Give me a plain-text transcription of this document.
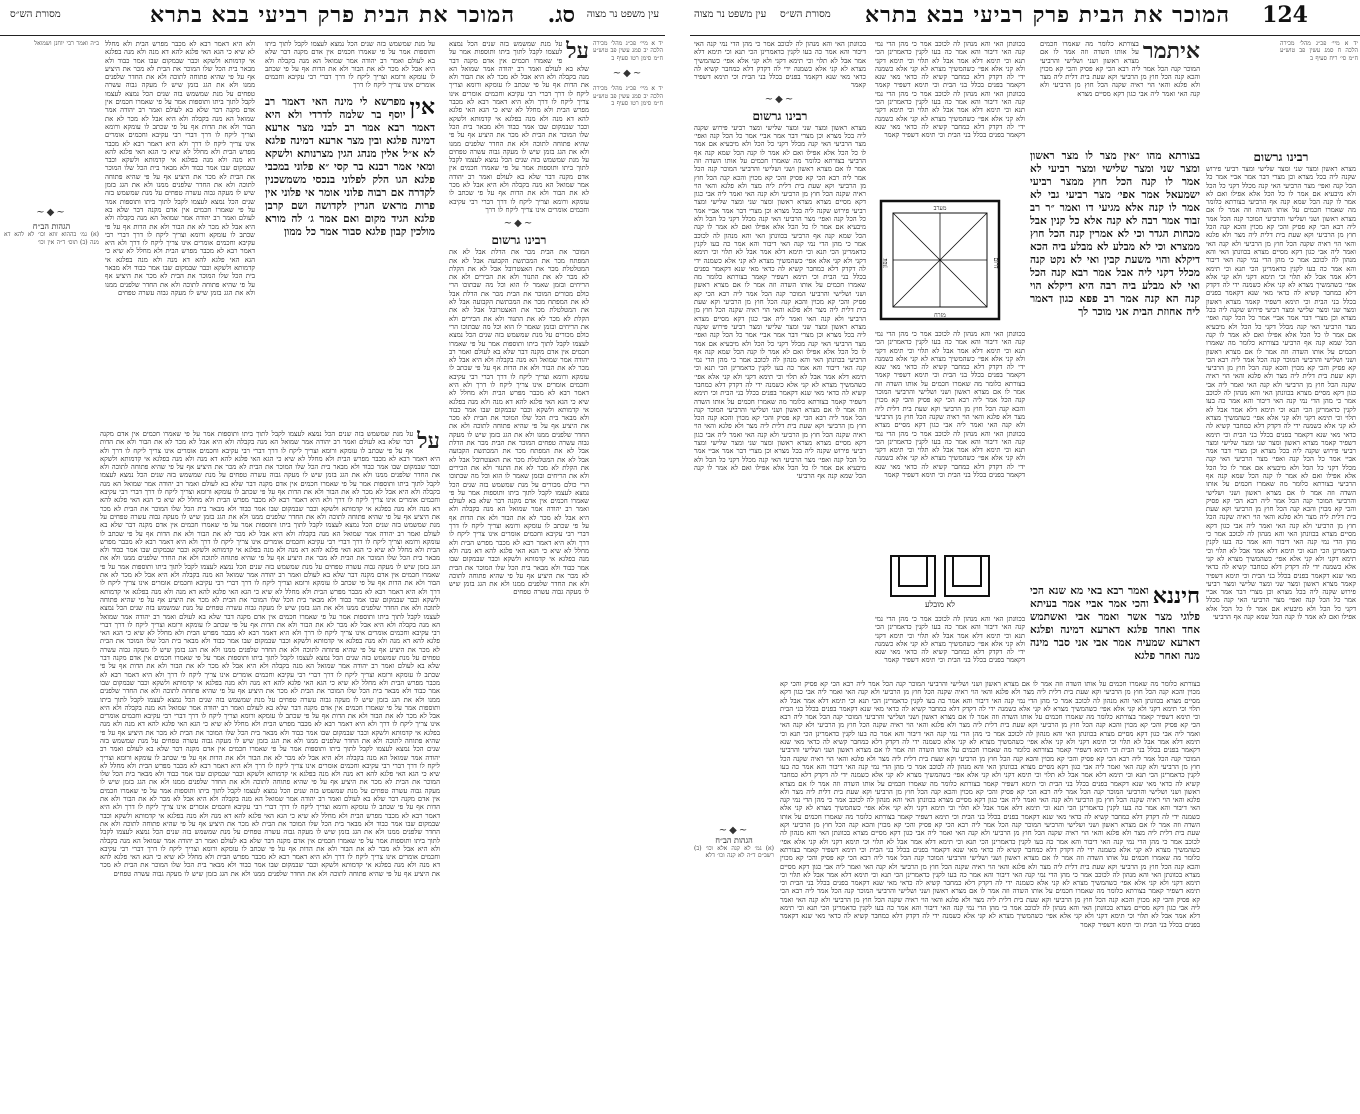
עין משפט נר מצוה
סג.
המוכר את הבית פרק רביעי בבא בתרא
מסורת הש״ס
יד א מיי׳ פכ״ג מהל׳ מכירה הלכה יב סמג עשין פב טוש״ע ח״מ סימן רטו סעיף ב
~◆~
יד א מיי׳ פכ״ג מהל׳ מכירה הלכה יב סמג עשין פב טוש״ע ח״מ סימן רטו סעיף ב
על
על מנת שמשמש בזה שנים הכל נמצא לעצמו לקבל לתוך ביתו ותוספות אמר על פי שאמרו חכמים אין אדם מקנה דבר שלא בא לעולם ואמר רב יהודה אמר שמואל הא מנה בקבלה ולא היא אבל לא מכר לא את הבור ולא את הדות אף על פי שכתב לו עומקא ורומא וצריך ליקח לו דרך דברי רבי עקיבא וחכמים אומרים אינו צריך ליקח לו דרך ולא היא דאמר רבא לא מכבר מפרש הבית ולא מחלל לא שיא כי הגא האי פלגא להא דא מנה ולא מנה בפלגא אי קדמותא ולשקא וכבר שבמקום שבו אמר כבוד ולא מבאר בית הכל שלו המוכר את הבית לא מכר את היציע אף על פי שהיא פתוחה לתוכה ולא את החדר שלפנים ממנו ולא את הגג בזמן שיש לו מעקה גבוה עשרה טפחים על מנת שמשמש בזה שנים הכל נמצא לעצמו לקבל לתוך ביתו ותוספות אמר על פי שאמרו חכמים אין אדם מקנה דבר שלא בא לעולם ואמר רב יהודה אמר שמואל הא מנה בקבלה ולא היא אבל לא מכר לא את הבור ולא את הדות אף על פי שכתב לו עומקא ורומא וצריך ליקח לו דרך דברי רבי עקיבא וחכמים אומרים אינו צריך ליקח לו דרך
~◆~
רבינו גרשום
המוכר את הבית מכר את הדלת אבל לא את המפתח מכר את המכתשת הקבועה אבל לא את המטלטלת מכר את האצטרובל אבל לא את הקלת לא מכר לא את התנור ולא את הכירים ולא את הריחים ובזמן שאמר לו הוא וכל מה שבתוכו הרי כולם מכורים המוכר את הבית מכר את הדלת אבל לא את המפתח מכר את המכתשת הקבועה אבל לא את המטלטלת מכר את האצטרובל אבל לא את הקלת לא מכר לא את התנור ולא את הכירים ולא את הריחים ובזמן שאמר לו הוא וכל מה שבתוכו הרי כולם מכורים על מנת שמשמש בזה שנים הכל נמצא לעצמו לקבל לתוך ביתו ותוספות אמר על פי שאמרו חכמים אין אדם מקנה דבר שלא בא לעולם ואמר רב יהודה אמר שמואל הא מנה בקבלה ולא היא אבל לא מכר לא את הבור ולא את הדות אף על פי שכתב לו עומקא ורומא וצריך ליקח לו דרך דברי רבי עקיבא וחכמים אומרים אינו צריך ליקח לו דרך ולא היא דאמר רבא לא מכבר מפרש הבית ולא מחלל לא שיא כי הגא האי פלגא להא דא מנה ולא מנה בפלגא אי קדמותא ולשקא וכבר שבמקום שבו אמר כבוד ולא מבאר בית הכל שלו המוכר את הבית לא מכר את היציע אף על פי שהיא פתוחה לתוכה ולא את החדר שלפנים ממנו ולא את הגג בזמן שיש לו מעקה גבוה עשרה טפחים המוכר את הבית מכר את הדלת אבל לא את המפתח מכר את המכתשת הקבועה אבל לא את המטלטלת מכר את האצטרובל אבל לא את הקלת לא מכר לא את התנור ולא את הכירים ולא את הריחים ובזמן שאמר לו הוא וכל מה שבתוכו הרי כולם מכורים על מנת שמשמש בזה שנים הכל נמצא לעצמו לקבל לתוך ביתו ותוספות אמר על פי שאמרו חכמים אין אדם מקנה דבר שלא בא לעולם ואמר רב יהודה אמר שמואל הא מנה בקבלה ולא היא אבל לא מכר לא את הבור ולא את הדות אף על פי שכתב לו עומקא ורומא וצריך ליקח לו דרך דברי רבי עקיבא וחכמים אומרים אינו צריך ליקח לו דרך ולא היא דאמר רבא לא מכבר מפרש הבית ולא מחלל לא שיא כי הגא האי פלגא להא דא מנה ולא מנה בפלגא אי קדמותא ולשקא וכבר שבמקום שבו אמר כבוד ולא מבאר בית הכל שלו המוכר את הבית לא מכר את היציע אף על פי שהיא פתוחה לתוכה ולא את החדר שלפנים ממנו ולא את הגג בזמן שיש לו מעקה גבוה עשרה טפחים
אין
מפרשא לי מינה האי דאמר רב יוסף בר שלמה לדרדי ולא היא דאמר רבא אמר רב לבני מצר ארעא דמינה פלגא ובין מצר ארעא דמינה פלגא לא א״ל אלין מנהג הגין מצרנותא ולשקא ומאי אמר רבנא בר קסי ״א פלוני במכבי פלגא הגו הלק לפלוני בנכסי משמשכנין לקדרה אם רבוה פלוני אומר אי פלוני אין פרות מראש חגרין לקדושה ושם קרבן פלגא הגיד מקום ואם אמר ג׳ לה מורא מולכין קבון פלגא סבור אמר כל ממון
ולא היא דאמר רבא לא מכבר מפרש הבית ולא מחלל לא שיא כי הגא האי פלגא להא דא מנה ולא מנה בפלגא אי קדמותא ולשקא וכבר שבמקום שבו אמר כבוד ולא מבאר בית הכל שלו המוכר את הבית לא מכר את היציע אף על פי שהיא פתוחה לתוכה ולא את החדר שלפנים ממנו ולא את הגג בזמן שיש לו מעקה גבוה עשרה טפחים על מנת שמשמש בזה שנים הכל נמצא לעצמו לקבל לתוך ביתו ותוספות אמר על פי שאמרו חכמים אין אדם מקנה דבר שלא בא לעולם ואמר רב יהודה אמר שמואל הא מנה בקבלה ולא היא אבל לא מכר לא את הבור ולא את הדות אף על פי שכתב לו עומקא ורומא וצריך ליקח לו דרך דברי רבי עקיבא וחכמים אומרים אינו צריך ליקח לו דרך ולא היא דאמר רבא לא מכבר מפרש הבית ולא מחלל לא שיא כי הגא האי פלגא להא דא מנה ולא מנה בפלגא אי קדמותא ולשקא וכבר שבמקום שבו אמר כבוד ולא מבאר בית הכל שלו המוכר את הבית לא מכר את היציע אף על פי שהיא פתוחה לתוכה ולא את החדר שלפנים ממנו ולא את הגג בזמן שיש לו מעקה גבוה עשרה טפחים על מנת שמשמש בזה שנים הכל נמצא לעצמו לקבל לתוך ביתו ותוספות אמר על פי שאמרו חכמים אין אדם מקנה דבר שלא בא לעולם ואמר רב יהודה אמר שמואל הא מנה בקבלה ולא היא אבל לא מכר לא את הבור ולא את הדות אף על פי שכתב לו עומקא ורומא וצריך ליקח לו דרך דברי רבי עקיבא וחכמים אומרים אינו צריך ליקח לו דרך ולא היא דאמר רבא לא מכבר מפרש הבית ולא מחלל לא שיא כי הגא האי פלגא להא דא מנה ולא מנה בפלגא אי קדמותא ולשקא וכבר שבמקום שבו אמר כבוד ולא מבאר בית הכל שלו המוכר את הבית לא מכר את היציע אף על פי שהיא פתוחה לתוכה ולא את החדר שלפנים ממנו ולא את הגג בזמן שיש לו מעקה גבוה עשרה טפחים
על מנת שמשמש בזה שנים הכל נמצא לעצמו לקבל לתוך ביתו ותוספות אמר על פי שאמרו חכמים אין אדם מקנה דבר שלא בא לעולם ואמר רב יהודה אמר שמואל הא מנה בקבלה ולא היא אבל לא מכר לא את הבור ולא את הדות אף על פי שכתב לו עומקא ורומא וצריך ליקח לו דרך דברי רבי עקיבא וחכמים אומרים אינו צריך ליקח לו דרך
ב״ה ואמר רבי יוחנן ושמואל
~◆~
הגהות הב״ח
(א) גמ׳ בההוא זוזא וכו׳ לא להא דא מנה (ב) תוס׳ ד״ה אין וכו׳
על
על מנת שמשמש בזה שנים הכל נמצא לעצמו לקבל לתוך ביתו ותוספות אמר על פי שאמרו חכמים אין אדם מקנה דבר שלא בא לעולם ואמר רב יהודה אמר שמואל הא מנה בקבלה ולא היא אבל לא מכר לא את הבור ולא את הדות אף על פי שכתב לו עומקא ורומא וצריך ליקח לו דרך דברי רבי עקיבא וחכמים אומרים אינו צריך ליקח לו דרך ולא היא דאמר רבא לא מכבר מפרש הבית ולא מחלל לא שיא כי הגא האי פלגא להא דא מנה ולא מנה בפלגא אי קדמותא ולשקא וכבר שבמקום שבו אמר כבוד ולא מבאר בית הכל שלו המוכר את הבית לא מכר את היציע אף על פי שהיא פתוחה לתוכה ולא את החדר שלפנים ממנו ולא את הגג בזמן שיש לו מעקה גבוה עשרה טפחים על מנת שמשמש בזה שנים הכל נמצא לעצמו לקבל לתוך ביתו ותוספות אמר על פי שאמרו חכמים אין אדם מקנה דבר שלא בא לעולם ואמר רב יהודה אמר שמואל הא מנה בקבלה ולא היא אבל לא מכר לא את הבור ולא את הדות אף על פי שכתב לו עומקא ורומא וצריך ליקח לו דרך דברי רבי עקיבא וחכמים אומרים אינו צריך ליקח לו דרך ולא היא דאמר רבא לא מכבר מפרש הבית ולא מחלל לא שיא כי הגא האי פלגא להא דא מנה ולא מנה בפלגא אי קדמותא ולשקא וכבר שבמקום שבו אמר כבוד ולא מבאר בית הכל שלו המוכר את הבית לא מכר את היציע אף על פי שהיא פתוחה לתוכה ולא את החדר שלפנים ממנו ולא את הגג בזמן שיש לו מעקה גבוה עשרה טפחים על מנת שמשמש בזה שנים הכל נמצא לעצמו לקבל לתוך ביתו ותוספות אמר על פי שאמרו חכמים אין אדם מקנה דבר שלא בא לעולם ואמר רב יהודה אמר שמואל הא מנה בקבלה ולא היא אבל לא מכר לא את הבור ולא את הדות אף על פי שכתב לו עומקא ורומא וצריך ליקח לו דרך דברי רבי עקיבא וחכמים אומרים אינו צריך ליקח לו דרך ולא היא דאמר רבא לא מכבר מפרש הבית ולא מחלל לא שיא כי הגא האי פלגא להא דא מנה ולא מנה בפלגא אי קדמותא ולשקא וכבר שבמקום שבו אמר כבוד ולא מבאר בית הכל שלו המוכר את הבית לא מכר את היציע אף על פי שהיא פתוחה לתוכה ולא את החדר שלפנים ממנו ולא את הגג בזמן שיש לו מעקה גבוה עשרה טפחים על מנת שמשמש בזה שנים הכל נמצא לעצמו לקבל לתוך ביתו ותוספות אמר על פי שאמרו חכמים אין אדם מקנה דבר שלא בא לעולם ואמר רב יהודה אמר שמואל הא מנה בקבלה ולא היא אבל לא מכר לא את הבור ולא את הדות אף על פי שכתב לו עומקא ורומא וצריך ליקח לו דרך דברי רבי עקיבא וחכמים אומרים אינו צריך ליקח לו דרך ולא היא דאמר רבא לא מכבר מפרש הבית ולא מחלל לא שיא כי הגא האי פלגא להא דא מנה ולא מנה בפלגא אי קדמותא ולשקא וכבר שבמקום שבו אמר כבוד ולא מבאר בית הכל שלו המוכר את הבית לא מכר את היציע אף על פי שהיא פתוחה לתוכה ולא את החדר שלפנים ממנו ולא את הגג בזמן שיש לו מעקה גבוה עשרה טפחים על מנת שמשמש בזה שנים הכל נמצא לעצמו לקבל לתוך ביתו ותוספות אמר על פי שאמרו חכמים אין אדם מקנה דבר שלא בא לעולם ואמר רב יהודה אמר שמואל הא מנה בקבלה ולא היא אבל לא מכר לא את הבור ולא את הדות אף על פי שכתב לו עומקא ורומא וצריך ליקח לו דרך דברי רבי עקיבא וחכמים אומרים אינו צריך ליקח לו דרך ולא היא דאמר רבא לא מכבר מפרש הבית ולא מחלל לא שיא כי הגא האי פלגא להא דא מנה ולא מנה בפלגא אי קדמותא ולשקא וכבר שבמקום שבו אמר כבוד ולא מבאר בית הכל שלו המוכר את הבית לא מכר את היציע אף על פי שהיא פתוחה לתוכה ולא את החדר שלפנים ממנו ולא את הגג בזמן שיש לו מעקה גבוה עשרה טפחים על מנת שמשמש בזה שנים הכל נמצא לעצמו לקבל לתוך ביתו ותוספות אמר על פי שאמרו חכמים אין אדם מקנה דבר שלא בא לעולם ואמר רב יהודה אמר שמואל הא מנה בקבלה ולא היא אבל לא מכר לא את הבור ולא את הדות אף על פי שכתב לו עומקא ורומא וצריך ליקח לו דרך דברי רבי עקיבא וחכמים אומרים אינו צריך ליקח לו דרך ולא היא דאמר רבא לא מכבר מפרש הבית ולא מחלל לא שיא כי הגא האי פלגא להא דא מנה ולא מנה בפלגא אי קדמותא ולשקא וכבר שבמקום שבו אמר כבוד ולא מבאר בית הכל שלו המוכר את הבית לא מכר את היציע אף על פי שהיא פתוחה לתוכה ולא את החדר שלפנים ממנו ולא את הגג בזמן שיש לו מעקה גבוה עשרה טפחים על מנת שמשמש בזה שנים הכל נמצא לעצמו לקבל לתוך ביתו ותוספות אמר על פי שאמרו חכמים אין אדם מקנה דבר שלא בא לעולם ואמר רב יהודה אמר שמואל הא מנה בקבלה ולא היא אבל לא מכר לא את הבור ולא את הדות אף על פי שכתב לו עומקא ורומא וצריך ליקח לו דרך דברי רבי עקיבא וחכמים אומרים אינו צריך ליקח לו דרך ולא היא דאמר רבא לא מכבר מפרש הבית ולא מחלל לא שיא כי הגא האי פלגא להא דא מנה ולא מנה בפלגא אי קדמותא ולשקא וכבר שבמקום שבו אמר כבוד ולא מבאר בית הכל שלו המוכר את הבית לא מכר את היציע אף על פי שהיא פתוחה לתוכה ולא את החדר שלפנים ממנו ולא את הגג בזמן שיש לו מעקה גבוה עשרה טפחים על מנת שמשמש בזה שנים הכל נמצא לעצמו לקבל לתוך ביתו ותוספות אמר על פי שאמרו חכמים אין אדם מקנה דבר שלא בא לעולם ואמר רב יהודה אמר שמואל הא מנה בקבלה ולא היא אבל לא מכר לא את הבור ולא את הדות אף על פי שכתב לו עומקא ורומא וצריך ליקח לו דרך דברי רבי עקיבא וחכמים אומרים אינו צריך ליקח לו דרך ולא היא דאמר רבא לא מכבר מפרש הבית ולא מחלל לא שיא כי הגא האי פלגא להא דא מנה ולא מנה בפלגא אי קדמותא ולשקא וכבר שבמקום שבו אמר כבוד ולא מבאר בית הכל שלו המוכר את הבית לא מכר את היציע אף על פי שהיא פתוחה לתוכה ולא את החדר שלפנים ממנו ולא את הגג בזמן שיש לו מעקה גבוה עשרה טפחים על מנת שמשמש בזה שנים הכל נמצא לעצמו לקבל לתוך ביתו ותוספות אמר על פי שאמרו חכמים אין אדם מקנה דבר שלא בא לעולם ואמר רב יהודה אמר שמואל הא מנה בקבלה ולא היא אבל לא מכר לא את הבור ולא את הדות אף על פי שכתב לו עומקא ורומא וצריך ליקח לו דרך דברי רבי עקיבא וחכמים אומרים אינו צריך ליקח לו דרך ולא היא דאמר רבא לא מכבר מפרש הבית ולא מחלל לא שיא כי הגא האי פלגא להא דא מנה ולא מנה בפלגא אי קדמותא ולשקא וכבר שבמקום שבו אמר כבוד ולא מבאר בית הכל שלו המוכר את הבית לא מכר את היציע אף על פי שהיא פתוחה לתוכה ולא את החדר שלפנים ממנו ולא את הגג בזמן שיש לו מעקה גבוה עשרה טפחים על מנת שמשמש בזה שנים הכל נמצא לעצמו לקבל לתוך ביתו ותוספות אמר על פי שאמרו חכמים אין אדם מקנה דבר שלא בא לעולם ואמר רב יהודה אמר שמואל הא מנה בקבלה ולא היא אבל לא מכר לא את הבור ולא את הדות אף על פי שכתב לו עומקא ורומא וצריך ליקח לו דרך דברי רבי עקיבא וחכמים אומרים אינו צריך ליקח לו דרך ולא היא דאמר רבא לא מכבר מפרש הבית ולא מחלל לא שיא כי הגא האי פלגא להא דא מנה ולא מנה בפלגא אי קדמותא ולשקא וכבר שבמקום שבו אמר כבוד ולא מבאר בית הכל שלו המוכר את הבית לא מכר את היציע אף על פי שהיא פתוחה לתוכה ולא את החדר שלפנים ממנו ולא את הגג בזמן שיש לו מעקה גבוה עשרה טפחים
124
המוכר את הבית פרק רביעי בבא בתרא
מסורת הש״ס
עין משפט נר מצוה
יד א מיי׳ פכ״ג מהל׳ מכירה הלכה ח סמג עשין פב טוש״ע ח״מ סי׳ ריח סעיף ב
רבינו גרשום
מצרא ראשון ומצר שני ומצר שלישי ומצר רביעי פירוש שקנה ליה בכל מצרא וכן מצרי דבר אמר אביי אמר כל הכל קנה ואפי׳ מצר הרביעי האי קנה מכלל דקני כל הכל ולא מיבעיא אם אמר לו כל הכל אלא אפילו ואם לא אמר לו קנה הכל שמא קנה אף הרביעי בצורתא כלומר מה שאמרו חכמים על אותו השדה וזה אמר לו אם מצרא ראשון ושני ושלישי והרביעי המוכר קנה הכל אמר ליה רבא הכי קא פסיק והכי קא מכוין והכא קנה הכל חוץ מן הרביעי וקא שעת בית דלית ליה מצר ולא פלגא והאי הוי ראיה שקנה הכל חוץ מן הרביעי ולא קנה האי ואמר ליה אבי כגון דקא מסיים מצרא בכוונתן האי והא מנהון לה לכוכב אמר כי מהן הדי נמי קנה האי דיבור והא אמר כה בעו לקנין כדאמרינן הכי תנא וכי תימא דלא אמר אבל לא תלוי וכי תימא דקני ולא קני אלא אפי׳ כשהמשיך מצרא לא קני אלא כשמנה ידי לה דקדק דלא כמחבר קשיא לה כדאי מאי שנא דקאמר בפנים בכלל בני הבית וכי תימא דשפיר קאמר מצרא ראשון ומצר שני ומצר שלישי ומצר רביעי פירוש שקנה ליה בכל מצרא וכן מצרי דבר אמר אביי אמר כל הכל קנה ואפי׳ מצר הרביעי האי קנה מכלל דקני כל הכל ולא מיבעיא אם אמר לו כל הכל אלא אפילו ואם לא אמר לו קנה הכל שמא קנה אף הרביעי בצורתא כלומר מה שאמרו חכמים על אותו השדה וזה אמר לו אם מצרא ראשון ושני ושלישי והרביעי המוכר קנה הכל אמר ליה רבא הכי קא פסיק והכי קא מכוין והכא קנה הכל חוץ מן הרביעי וקא שעת בית דלית ליה מצר ולא פלגא והאי הוי ראיה שקנה הכל חוץ מן הרביעי ולא קנה האי ואמר ליה אבי כגון דקא מסיים מצרא בכוונתן האי והא מנהון לה לכוכב אמר כי מהן הדי נמי קנה האי דיבור והא אמר כה בעו לקנין כדאמרינן הכי תנא וכי תימא דלא אמר אבל לא תלוי וכי תימא דקני ולא קני אלא אפי׳ כשהמשיך מצרא לא קני אלא כשמנה ידי לה דקדק דלא כמחבר קשיא לה כדאי מאי שנא דקאמר בפנים בכלל בני הבית וכי תימא דשפיר קאמר מצרא ראשון ומצר שני ומצר שלישי ומצר רביעי פירוש שקנה ליה בכל מצרא וכן מצרי דבר אמר אביי אמר כל הכל קנה ואפי׳ מצר הרביעי האי קנה מכלל דקני כל הכל ולא מיבעיא אם אמר לו כל הכל אלא אפילו ואם לא אמר לו קנה הכל שמא קנה אף הרביעי בצורתא כלומר מה שאמרו חכמים על אותו השדה וזה אמר לו אם מצרא ראשון ושני ושלישי והרביעי המוכר קנה הכל אמר ליה רבא הכי קא פסיק והכי קא מכוין והכא קנה הכל חוץ מן הרביעי וקא שעת בית דלית ליה מצר ולא פלגא והאי הוי ראיה שקנה הכל חוץ מן הרביעי ולא קנה האי ואמר ליה אבי כגון דקא מסיים מצרא בכוונתן האי והא מנהון לה לכוכב אמר כי מהן הדי נמי קנה האי דיבור והא אמר כה בעו לקנין כדאמרינן הכי תנא וכי תימא דלא אמר אבל לא תלוי וכי תימא דקני ולא קני אלא אפי׳ כשהמשיך מצרא לא קני אלא כשמנה ידי לה דקדק דלא כמחבר קשיא לה כדאי מאי שנא דקאמר בפנים בכלל בני הבית וכי תימא דשפיר קאמר מצרא ראשון ומצר שני ומצר שלישי ומצר רביעי פירוש שקנה ליה בכל מצרא וכן מצרי דבר אמר אביי אמר כל הכל קנה ואפי׳ מצר הרביעי האי קנה מכלל דקני כל הכל ולא מיבעיא אם אמר לו כל הכל אלא אפילו ואם לא אמר לו קנה הכל שמא קנה אף הרביעי
איתמר
בצורתא כלומר מה שאמרו חכמים על אותו השדה וזה אמר לו אם מצרא ראשון ושני ושלישי והרביעי המוכר קנה הכל אמר ליה רבא הכי קא פסיק והכי קא מכוין והכא קנה הכל חוץ מן הרביעי וקא שעת בית דלית ליה מצר ולא פלגא והאי הוי ראיה שקנה הכל חוץ מן הרביעי ולא קנה האי ואמר ליה אבי כגון דקא מסיים מצרא
בצורתא מהו ״אין מצר לו מצר ראשון ומצר שני ומצר שלישי ומצר רביעי לא אמר לו קנה הכל חוץ ממצר רביעי ישמעאל אמר אפי׳ מצר רביעי גבי לא אמר לו קנה אלא מגיעי דו ואמר ״ר רב זבוד אמר רבה לא קנה אלא כל קנין אבל מכחות הגדר וכי לא אמרין קנה הכל חוץ ממצרא וכי לא מבלע לא מבלע ביה הכא דיקלא והוי משעת קבין ואי לא נקט קנה מכלל דקני ליה אבל אמר רבא קנה הכל ואי לא מבלע ביה רבה היא דיקלא הוי קנה הא קנה אמר רב פפא כגון דאמר ליה אחוזת הבית אני מוכר לך
חיננא
ואמר רבא באי מא שנא הכי והכי אמר אביי אמר בעיתא פלוגי מצר אשר ואמר אבי ואשתמש אחד ואחד פלגא דארעא דמינה ופלגא דארעא שמעיה אמר אבי אני סבר מינה מנה ואחר פלגא
בכוונתן האי והא מנהון לה לכוכב אמר כי מהן הדי נמי קנה האי דיבור והא אמר כה בעו לקנין כדאמרינן הכי תנא וכי תימא דלא אמר אבל לא תלוי וכי תימא דקני ולא קני אלא אפי׳ כשהמשיך מצרא לא קני אלא כשמנה ידי לה דקדק דלא כמחבר קשיא לה כדאי מאי שנא דקאמר בפנים בכלל בני הבית וכי תימא דשפיר קאמר בכוונתן האי והא מנהון לה לכוכב אמר כי מהן הדי נמי קנה האי דיבור והא אמר כה בעו לקנין כדאמרינן הכי תנא וכי תימא דלא אמר אבל לא תלוי וכי תימא דקני ולא קני אלא אפי׳ כשהמשיך מצרא לא קני אלא כשמנה ידי לה דקדק דלא כמחבר קשיא לה כדאי מאי שנא דקאמר בפנים בכלל בני הבית וכי תימא דשפיר קאמר
מערב
מזרח
צפון	דרום
בכוונתן האי והא מנהון לה לכוכב אמר כי מהן הדי נמי קנה האי דיבור והא אמר כה בעו לקנין כדאמרינן הכי תנא וכי תימא דלא אמר אבל לא תלוי וכי תימא דקני ולא קני אלא אפי׳ כשהמשיך מצרא לא קני אלא כשמנה ידי לה דקדק דלא כמחבר קשיא לה כדאי מאי שנא דקאמר בפנים בכלל בני הבית וכי תימא דשפיר קאמר בצורתא כלומר מה שאמרו חכמים על אותו השדה וזה אמר לו אם מצרא ראשון ושני ושלישי והרביעי המוכר קנה הכל אמר ליה רבא הכי קא פסיק והכי קא מכוין והכא קנה הכל חוץ מן הרביעי וקא שעת בית דלית ליה מצר ולא פלגא והאי הוי ראיה שקנה הכל חוץ מן הרביעי ולא קנה האי ואמר ליה אבי כגון דקא מסיים מצרא בכוונתן האי והא מנהון לה לכוכב אמר כי מהן הדי נמי קנה האי דיבור והא אמר כה בעו לקנין כדאמרינן הכי תנא וכי תימא דלא אמר אבל לא תלוי וכי תימא דקני ולא קני אלא אפי׳ כשהמשיך מצרא לא קני אלא כשמנה ידי לה דקדק דלא כמחבר קשיא לה כדאי מאי שנא דקאמר בפנים בכלל בני הבית וכי תימא דשפיר קאמר
לא מובלע
בכוונתן האי והא מנהון לה לכוכב אמר כי מהן הדי נמי קנה האי דיבור והא אמר כה בעו לקנין כדאמרינן הכי תנא וכי תימא דלא אמר אבל לא תלוי וכי תימא דקני ולא קני אלא אפי׳ כשהמשיך מצרא לא קני אלא כשמנה ידי לה דקדק דלא כמחבר קשיא לה כדאי מאי שנא דקאמר בפנים בכלל בני הבית וכי תימא דשפיר קאמר
בכוונתן האי והא מנהון לה לכוכב אמר כי מהן הדי נמי קנה האי דיבור והא אמר כה בעו לקנין כדאמרינן הכי תנא וכי תימא דלא אמר אבל לא תלוי וכי תימא דקני ולא קני אלא אפי׳ כשהמשיך מצרא לא קני אלא כשמנה ידי לה דקדק דלא כמחבר קשיא לה כדאי מאי שנא דקאמר בפנים בכלל בני הבית וכי תימא דשפיר קאמר
~◆~
רבינו גרשום
מצרא ראשון ומצר שני ומצר שלישי ומצר רביעי פירוש שקנה ליה בכל מצרא וכן מצרי דבר אמר אביי אמר כל הכל קנה ואפי׳ מצר הרביעי האי קנה מכלל דקני כל הכל ולא מיבעיא אם אמר לו כל הכל אלא אפילו ואם לא אמר לו קנה הכל שמא קנה אף הרביעי בצורתא כלומר מה שאמרו חכמים על אותו השדה וזה אמר לו אם מצרא ראשון ושני ושלישי והרביעי המוכר קנה הכל אמר ליה רבא הכי קא פסיק והכי קא מכוין והכא קנה הכל חוץ מן הרביעי וקא שעת בית דלית ליה מצר ולא פלגא והאי הוי ראיה שקנה הכל חוץ מן הרביעי ולא קנה האי ואמר ליה אבי כגון דקא מסיים מצרא מצרא ראשון ומצר שני ומצר שלישי ומצר רביעי פירוש שקנה ליה בכל מצרא וכן מצרי דבר אמר אביי אמר כל הכל קנה ואפי׳ מצר הרביעי האי קנה מכלל דקני כל הכל ולא מיבעיא אם אמר לו כל הכל אלא אפילו ואם לא אמר לו קנה הכל שמא קנה אף הרביעי בכוונתן האי והא מנהון לה לכוכב אמר כי מהן הדי נמי קנה האי דיבור והא אמר כה בעו לקנין כדאמרינן הכי תנא וכי תימא דלא אמר אבל לא תלוי וכי תימא דקני ולא קני אלא אפי׳ כשהמשיך מצרא לא קני אלא כשמנה ידי לה דקדק דלא כמחבר קשיא לה כדאי מאי שנא דקאמר בפנים בכלל בני הבית וכי תימא דשפיר קאמר בצורתא כלומר מה שאמרו חכמים על אותו השדה וזה אמר לו אם מצרא ראשון ושני ושלישי והרביעי המוכר קנה הכל אמר ליה רבא הכי קא פסיק והכי קא מכוין והכא קנה הכל חוץ מן הרביעי וקא שעת בית דלית ליה מצר ולא פלגא והאי הוי ראיה שקנה הכל חוץ מן הרביעי ולא קנה האי ואמר ליה אבי כגון דקא מסיים מצרא מצרא ראשון ומצר שני ומצר שלישי ומצר רביעי פירוש שקנה ליה בכל מצרא וכן מצרי דבר אמר אביי אמר כל הכל קנה ואפי׳ מצר הרביעי האי קנה מכלל דקני כל הכל ולא מיבעיא אם אמר לו כל הכל אלא אפילו ואם לא אמר לו קנה הכל שמא קנה אף הרביעי בכוונתן האי והא מנהון לה לכוכב אמר כי מהן הדי נמי קנה האי דיבור והא אמר כה בעו לקנין כדאמרינן הכי תנא וכי תימא דלא אמר אבל לא תלוי וכי תימא דקני ולא קני אלא אפי׳ כשהמשיך מצרא לא קני אלא כשמנה ידי לה דקדק דלא כמחבר קשיא לה כדאי מאי שנא דקאמר בפנים בכלל בני הבית וכי תימא דשפיר קאמר בצורתא כלומר מה שאמרו חכמים על אותו השדה וזה אמר לו אם מצרא ראשון ושני ושלישי והרביעי המוכר קנה הכל אמר ליה רבא הכי קא פסיק והכי קא מכוין והכא קנה הכל חוץ מן הרביעי וקא שעת בית דלית ליה מצר ולא פלגא והאי הוי ראיה שקנה הכל חוץ מן הרביעי ולא קנה האי ואמר ליה אבי כגון דקא מסיים מצרא מצרא ראשון ומצר שני ומצר שלישי ומצר רביעי פירוש שקנה ליה בכל מצרא וכן מצרי דבר אמר אביי אמר כל הכל קנה ואפי׳ מצר הרביעי האי קנה מכלל דקני כל הכל ולא מיבעיא אם אמר לו כל הכל אלא אפילו ואם לא אמר לו קנה הכל שמא קנה אף הרביעי
~◆~
הגהות הב״ח
(א) גמ׳ לא קנה אלא וכו׳ (ב) רשב״ם ד״ה לא קנה וכו׳ דלא
בצורתא כלומר מה שאמרו חכמים על אותו השדה וזה אמר לו אם מצרא ראשון ושני ושלישי והרביעי המוכר קנה הכל אמר ליה רבא הכי קא פסיק והכי קא מכוין והכא קנה הכל חוץ מן הרביעי וקא שעת בית דלית ליה מצר ולא פלגא והאי הוי ראיה שקנה הכל חוץ מן הרביעי ולא קנה האי ואמר ליה אבי כגון דקא מסיים מצרא בכוונתן האי והא מנהון לה לכוכב אמר כי מהן הדי נמי קנה האי דיבור והא אמר כה בעו לקנין כדאמרינן הכי תנא וכי תימא דלא אמר אבל לא תלוי וכי תימא דקני ולא קני אלא אפי׳ כשהמשיך מצרא לא קני אלא כשמנה ידי לה דקדק דלא כמחבר קשיא לה כדאי מאי שנא דקאמר בפנים בכלל בני הבית וכי תימא דשפיר קאמר בצורתא כלומר מה שאמרו חכמים על אותו השדה וזה אמר לו אם מצרא ראשון ושני ושלישי והרביעי המוכר קנה הכל אמר ליה רבא הכי קא פסיק והכי קא מכוין והכא קנה הכל חוץ מן הרביעי וקא שעת בית דלית ליה מצר ולא פלגא והאי הוי ראיה שקנה הכל חוץ מן הרביעי ולא קנה האי ואמר ליה אבי כגון דקא מסיים מצרא בכוונתן האי והא מנהון לה לכוכב אמר כי מהן הדי נמי קנה האי דיבור והא אמר כה בעו לקנין כדאמרינן הכי תנא וכי תימא דלא אמר אבל לא תלוי וכי תימא דקני ולא קני אלא אפי׳ כשהמשיך מצרא לא קני אלא כשמנה ידי לה דקדק דלא כמחבר קשיא לה כדאי מאי שנא דקאמר בפנים בכלל בני הבית וכי תימא דשפיר קאמר בצורתא כלומר מה שאמרו חכמים על אותו השדה וזה אמר לו אם מצרא ראשון ושני ושלישי והרביעי המוכר קנה הכל אמר ליה רבא הכי קא פסיק והכי קא מכוין והכא קנה הכל חוץ מן הרביעי וקא שעת בית דלית ליה מצר ולא פלגא והאי הוי ראיה שקנה הכל חוץ מן הרביעי ולא קנה האי ואמר ליה אבי כגון דקא מסיים מצרא בכוונתן האי והא מנהון לה לכוכב אמר כי מהן הדי נמי קנה האי דיבור והא אמר כה בעו לקנין כדאמרינן הכי תנא וכי תימא דלא אמר אבל לא תלוי וכי תימא דקני ולא קני אלא אפי׳ כשהמשיך מצרא לא קני אלא כשמנה ידי לה דקדק דלא כמחבר קשיא לה כדאי מאי שנא דקאמר בפנים בכלל בני הבית וכי תימא דשפיר קאמר בצורתא כלומר מה שאמרו חכמים על אותו השדה וזה אמר לו אם מצרא ראשון ושני ושלישי והרביעי המוכר קנה הכל אמר ליה רבא הכי קא פסיק והכי קא מכוין והכא קנה הכל חוץ מן הרביעי וקא שעת בית דלית ליה מצר ולא פלגא והאי הוי ראיה שקנה הכל חוץ מן הרביעי ולא קנה האי ואמר ליה אבי כגון דקא מסיים מצרא בכוונתן האי והא מנהון לה לכוכב אמר כי מהן הדי נמי קנה האי דיבור והא אמר כה בעו לקנין כדאמרינן הכי תנא וכי תימא דלא אמר אבל לא תלוי וכי תימא דקני ולא קני אלא אפי׳ כשהמשיך מצרא לא קני אלא כשמנה ידי לה דקדק דלא כמחבר קשיא לה כדאי מאי שנא דקאמר בפנים בכלל בני הבית וכי תימא דשפיר קאמר בצורתא כלומר מה שאמרו חכמים על אותו השדה וזה אמר לו אם מצרא ראשון ושני ושלישי והרביעי המוכר קנה הכל אמר ליה רבא הכי קא פסיק והכי קא מכוין והכא קנה הכל חוץ מן הרביעי וקא שעת בית דלית ליה מצר ולא פלגא והאי הוי ראיה שקנה הכל חוץ מן הרביעי ולא קנה האי ואמר ליה אבי כגון דקא מסיים מצרא בכוונתן האי והא מנהון לה לכוכב אמר כי מהן הדי נמי קנה האי דיבור והא אמר כה בעו לקנין כדאמרינן הכי תנא וכי תימא דלא אמר אבל לא תלוי וכי תימא דקני ולא קני אלא אפי׳ כשהמשיך מצרא לא קני אלא כשמנה ידי לה דקדק דלא כמחבר קשיא לה כדאי מאי שנא דקאמר בפנים בכלל בני הבית וכי תימא דשפיר קאמר בצורתא כלומר מה שאמרו חכמים על אותו השדה וזה אמר לו אם מצרא ראשון ושני ושלישי והרביעי המוכר קנה הכל אמר ליה רבא הכי קא פסיק והכי קא מכוין והכא קנה הכל חוץ מן הרביעי וקא שעת בית דלית ליה מצר ולא פלגא והאי הוי ראיה שקנה הכל חוץ מן הרביעי ולא קנה האי ואמר ליה אבי כגון דקא מסיים מצרא בכוונתן האי והא מנהון לה לכוכב אמר כי מהן הדי נמי קנה האי דיבור והא אמר כה בעו לקנין כדאמרינן הכי תנא וכי תימא דלא אמר אבל לא תלוי וכי תימא דקני ולא קני אלא אפי׳ כשהמשיך מצרא לא קני אלא כשמנה ידי לה דקדק דלא כמחבר קשיא לה כדאי מאי שנא דקאמר בפנים בכלל בני הבית וכי תימא דשפיר קאמר בצורתא כלומר מה שאמרו חכמים על אותו השדה וזה אמר לו אם מצרא ראשון ושני ושלישי והרביעי המוכר קנה הכל אמר ליה רבא הכי קא פסיק והכי קא מכוין והכא קנה הכל חוץ מן הרביעי וקא שעת בית דלית ליה מצר ולא פלגא והאי הוי ראיה שקנה הכל חוץ מן הרביעי ולא קנה האי ואמר ליה אבי כגון דקא מסיים מצרא בכוונתן האי והא מנהון לה לכוכב אמר כי מהן הדי נמי קנה האי דיבור והא אמר כה בעו לקנין כדאמרינן הכי תנא וכי תימא דלא אמר אבל לא תלוי וכי תימא דקני ולא קני אלא אפי׳ כשהמשיך מצרא לא קני אלא כשמנה ידי לה דקדק דלא כמחבר קשיא לה כדאי מאי שנא דקאמר בפנים בכלל בני הבית וכי תימא דשפיר קאמר
